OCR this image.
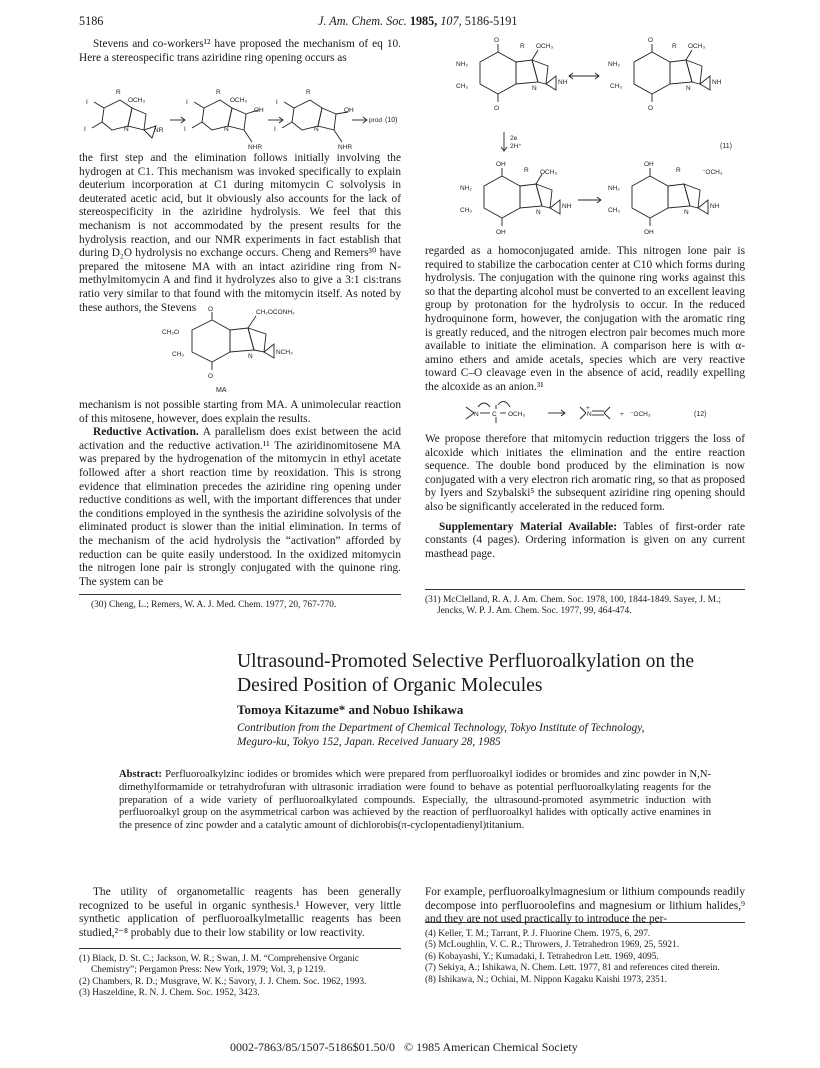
5186	J. Am. Chem. Soc. 1985, 107, 5186-5191

Stevens and co-workers¹² have proposed the mechanism of eq 10. Here a stereospecific trans aziridine ring opening occurs as

I
I
R
OCH₃
N	NR
I
I
R
OCH₃
OH
N
NHR
I
I
R
OH
N
NHR
prod (10)

the first step and the elimination follows initially involving the hydrogen at C1. This mechanism was invoked specifically to explain deuterium incorporation at C1 during mitomycin C solvolysis in deuterated acetic acid, but it obviously also accounts for the lack of stereospecificity in the aziridine hydrolysis. We feel that this mechanism is not accommodated by the present results for the hydrolysis reaction, and our NMR experiments in fact establish that during D₂O hydrolysis no exchange occurs. Cheng and Remers³⁰ have prepared the mitosene MA with an intact aziridine ring from N-methylmitomycin A and find it hydrolyzes also to give a 3:1 cis:trans ratio very similar to that found with the mitomycin itself. As noted by these authors, the Stevens	O
O
CH₂OCONH₂
CH₃O
CH₃	N
NCH₃
MA

mechanism is not possible starting from MA. A unimolecular reaction of this mitosene, however, does explain the results.

Reductive Activation. A parallelism does exist between the acid activation and the reductive activation.¹¹ The aziridinomitosene MA was prepared by the hydrogenation of the mitomycin in ethyl acetate followed after a short reaction time by reoxidation. This is strong evidence that elimination precedes the aziridine ring opening under reductive conditions as well, with the important differences that under the conditions employed in the synthesis the aziridine solvolysis of the eliminated product is slower than the initial elimination. In terms of the mechanism of the acid hydrolysis the “activation” afforded by reduction can be quite easily understood. In the oxidized mitomycin the nitrogen lone pair is strongly conjugated with the quinone ring. The system can be

(30) Cheng, L.; Remers, W. A. J. Med. Chem. 1977, 20, 767-770.
O
O
R OCH₃
NH₂
CH₃	N
NH
O
O
R OCH₃
NH₂
CH₃	N
NH
2e
2H⁺	(11)
OH
OH
R OCH₃
NH₂
CH₃	N
NH
OH
OH
R	⁻OCH₃
NH₂
CH₃	N
NH

regarded as a homoconjugated amide. This nitrogen lone pair is required to stabilize the carbocation center at C10 which forms during hydrolysis. The conjugation with the quinone ring works against this so that the departing alcohol must be converted to an excellent leaving group by protonation for the hydrolysis to occur. In the reduced hydroquinone form, however, the conjugation with the aromatic ring is greatly reduced, and the nitrogen electron pair becomes much more available to initiate the elimination. A comparison here is with α-amino ethers and amide acetals, species which are very reactive toward C–O cleavage even in the absence of acid, readily expelling the alcoxide as an anion.³¹

N C OCH₃
+
N	+ ⁻OCH₃	(12)

We propose therefore that mitomycin reduction triggers the loss of alcoxide which initiates the elimination and the entire reaction sequence. The double bond produced by the elimination is now conjugated with a very electron rich aromatic ring, so that as proposed by Iyers and Szybalski⁵ the subsequent aziridine ring opening should also be significantly accelerated in the reduced form.

Supplementary Material Available: Tables of first-order rate constants (4 pages). Ordering information is given on any current masthead page.

(31) McClelland, R. A. J. Am. Chem. Soc. 1978, 100, 1844-1849. Sayer, J. M.; Jencks, W. P. J. Am. Chem. Soc. 1977, 99, 464-474.
Ultrasound-Promoted Selective Perfluoroalkylation on the
Desired Position of Organic Molecules
Tomoya Kitazume* and Nobuo Ishikawa
Contribution from the Department of Chemical Technology, Tokyo Institute of Technology,
Meguro-ku, Tokyo 152, Japan. Received January 28, 1985
Abstract: Perfluoroalkylzinc iodides or bromides which were prepared from perfluoroalkyl iodides or bromides and zinc powder in N,N-dimethylformamide or tetrahydrofuran with ultrasonic irradiation were found to behave as potential perfluoroalkylating reagents for the preparation of a wide variety of perfluoroalkylated compounds. Especially, the ultrasound-promoted asymmetric induction with perfluoroalkyl group on the asymmetrical carbon was achieved by the reaction of perfluoroalkyl halides with optically active enamines in the presence of zinc powder and a catalytic amount of dichlorobis(π-cyclopentadienyl)titanium.

The utility of organometallic reagents has been generally recognized to be useful in organic synthesis.¹ However, very little synthetic application of perfluoroalkylmetallic reagents has been studied,²⁻⁸ probably due to their low stability or low reactivity.

For example, perfluoroalkylmagnesium or lithium compounds readily decompose into perfluoroolefins and magnesium or lithium halides,⁹ and they are not used practically to introduce the per-

(1) Black, D. St. C.; Jackson, W. R.; Swan, J. M. “Comprehensive Organic Chemistry”; Pergamon Press: New York, 1979; Vol. 3, p 1219.
(2) Chambers, R. D.; Musgrave, W. K.; Savory, J. J. Chem. Soc. 1962, 1993.
(3) Haszeldine, R. N. J. Chem. Soc. 1952, 3423.
(4) Keller, T. M.; Tarrant, P. J. Fluorine Chem. 1975, 6, 297.
(5) McLoughlin, V. C. R.; Throwers, J. Tetrahedron 1969, 25, 5921.
(6) Kobayashi, Y.; Kumadaki, I. Tetrahedron Lett. 1969, 4095.
(7) Sekiya, A.; Ishikawa, N. Chem. Lett. 1977, 81 and references cited therein.
(8) Ishikawa, N.; Ochiai, M. Nippon Kagaku Kaishi 1973, 2351.
0002-7863/85/1507-5186$01.50/0   © 1985 American Chemical Society
